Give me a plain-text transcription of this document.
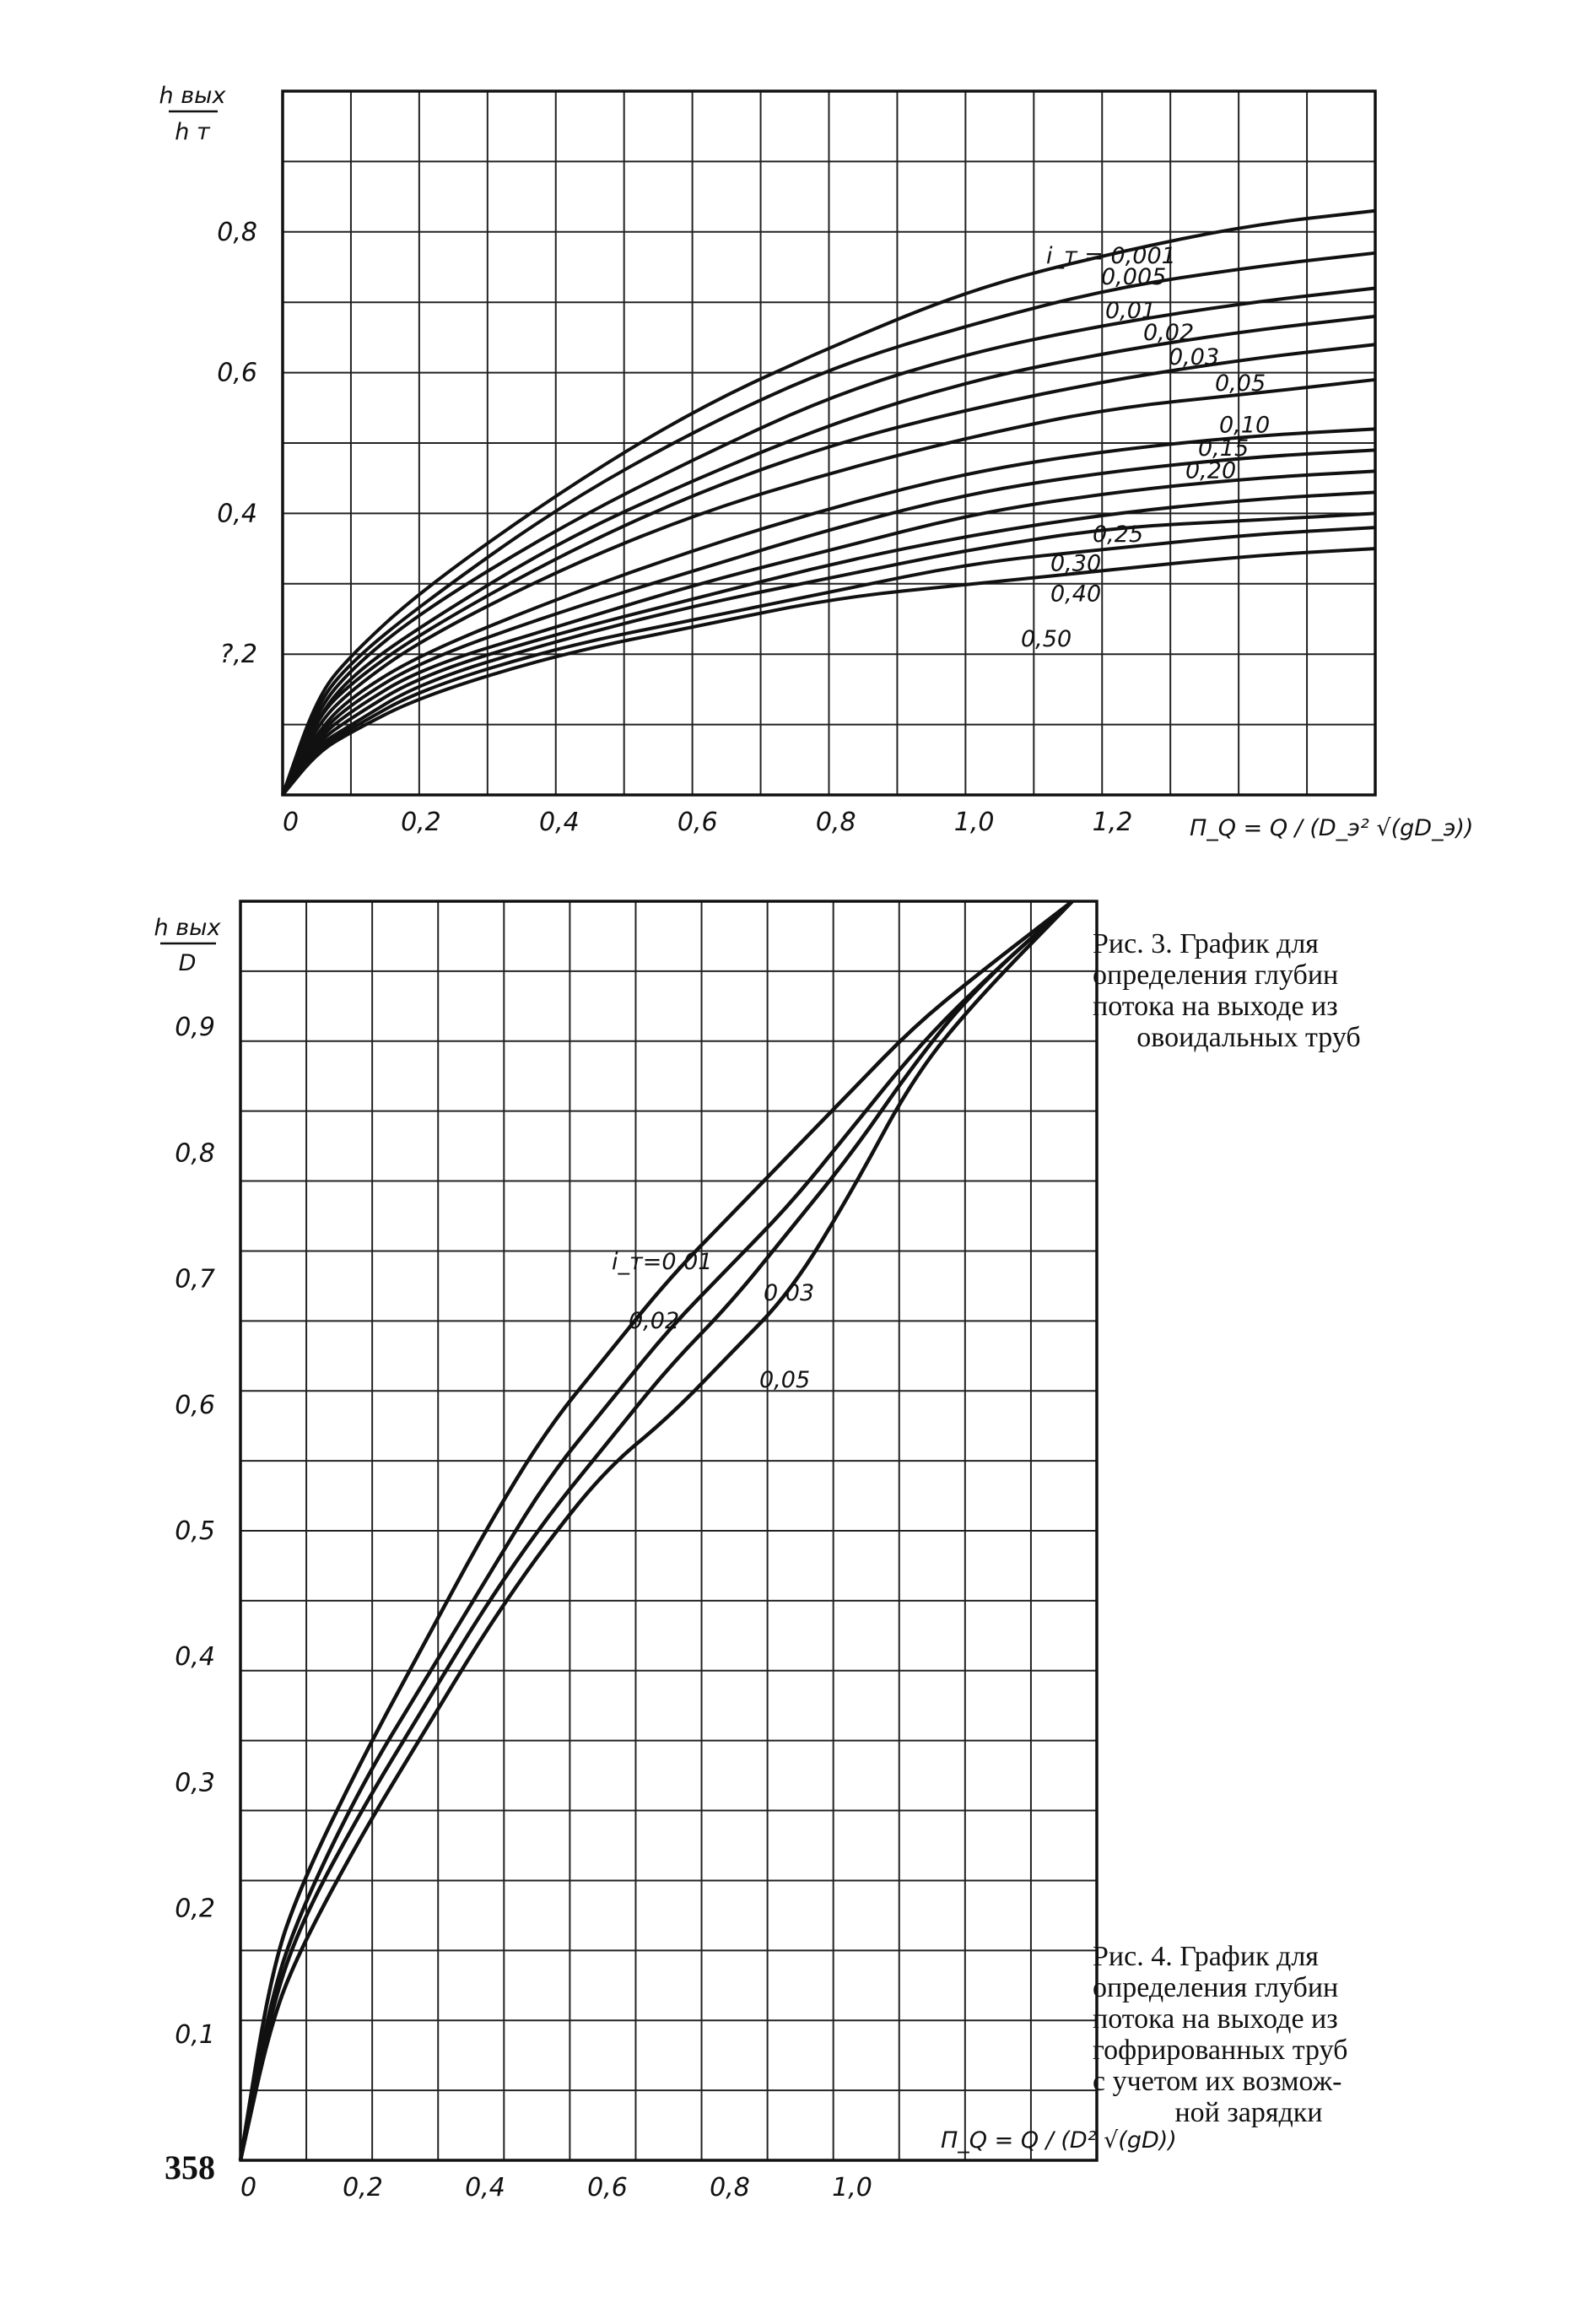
i_т = 0,001
0,005
0,01
0,02
0,03
0,05
0,10
0,15
0,20
0,25
0,30
0,40
0,50
0	0,2	0,4	0,6	0,8	1,0	1,2
0,8
0,6
0,4
?,2
h вых
h т
П_Q = Q / (D_э² √(gD_э))
i_т=0,01
0,02
0,03
0,05
0	0,2	0,4	0,6	0,8	1,0
0,9
0,8
0,7
0,6
0,5
0,4
0,3
0,2
0,1
h вых
D
П_Q = Q / (D² √(gD))
Рис. 3. График для
определения глубин
потока на выходе из
овоидальных труб
Рис. 4. График для
определения глубин
потока на выходе из
гофрированных труб
с учетом их возмож-
ной зарядки
358
